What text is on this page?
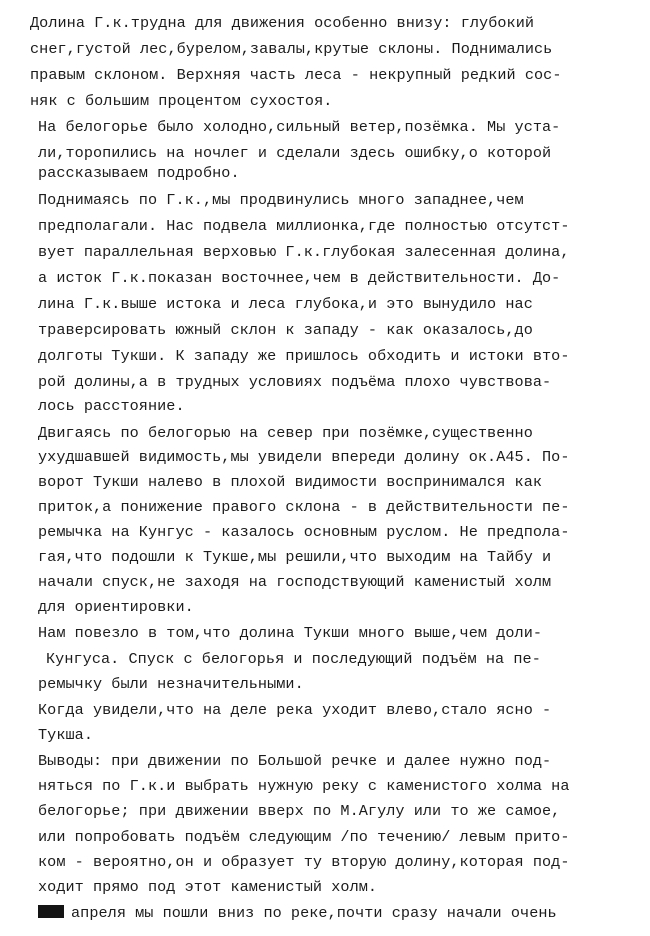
Долина Г.к.трудна для движения особенно внизу: глубокий
снег,густой лес,бурелом,завалы,крутые склоны. Поднимались
правым склоном. Верхняя часть леса - некрупный редкий сос-
няк с большим процентом сухостоя.
На белогорье было холодно,сильный ветер,позёмка. Мы уста-
ли,торопились на ночлег и сделали здесь ошибку,о которой
рассказываем подробно.
Поднимаясь по Г.к.,мы продвинулись много западнее,чем
предполагали. Нас подвела миллионка,где полностью отсутст-
вует параллельная верховью Г.к.глубокая залесенная долина,
а исток Г.к.показан восточнее,чем в действительности. До-
лина Г.к.выше истока и леса глубока,и это вынудило нас
траверсировать южный склон к западу - как оказалось,до
долготы Тукши. К западу же пришлось обходить и истоки вто-
рой долины,а в трудных условиях подъёма плохо чувствова-
лось расстояние.
Двигаясь по белогорью на север при позёмке,существенно
ухудшавшей видимость,мы увидели впереди долину ок.А45. По-
ворот Тукши налево в плохой видимости воспринимался как
приток,а понижение правого склона - в действительности пе-
ремычка на Кунгус - казалось основным руслом. Не предпола-
гая,что подошли к Тукше,мы решили,что выходим на Тайбу и
начали спуск,не заходя на господствующий каменистый холм
для ориентировки.
Нам повезло в том,что долина Тукши много выше,чем доли-
Кунгуса. Спуск с белогорья и последующий подъём на пе-
ремычку были незначительными.
Когда увидели,что на деле река уходит влево,стало ясно -
Тукша.
Выводы: при движении по Большой речке и далее нужно под-
няться по Г.к.и выбрать нужную реку с каменистого холма на
белогорье; при движении вверх по М.Агулу или то же самое,
или попробовать подъём следующим /по течению/ левым прито-
ком - вероятно,он и образует ту вторую долину,которая под-
ходит прямо под этот каменистый холм.
апреля мы пошли вниз по реке,почти сразу начали очень
